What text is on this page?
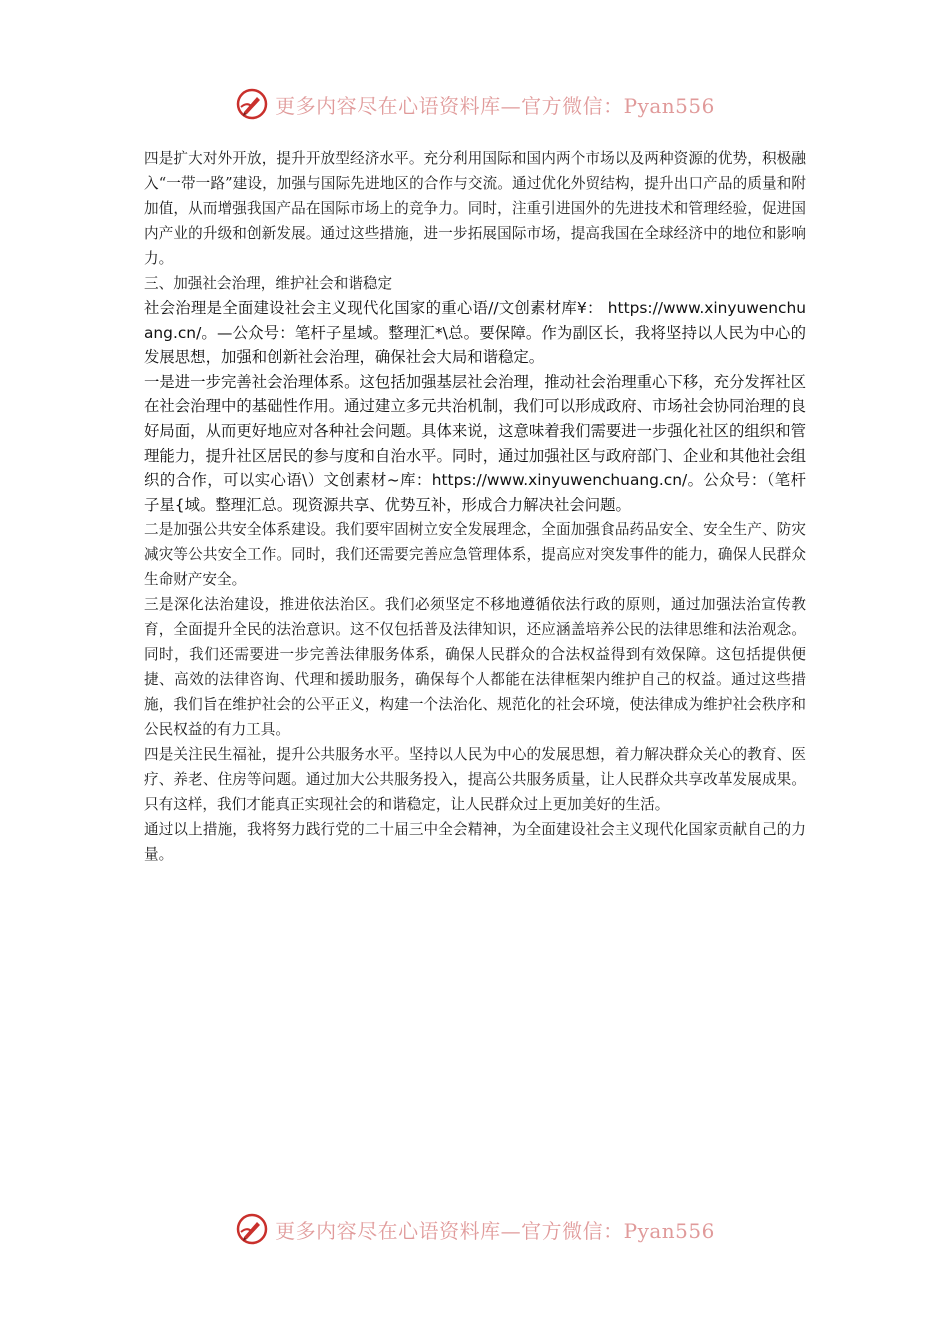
更多内容尽在心语资料库—官方微信：Pyan556

四是扩大对外开放，提升开放型经济水平。充分利用国际和国内两个市场以及两种资源的优势，积极融入“一带一路”建设，加强与国际先进地区的合作与交流。通过优化外贸结构，提升出口产品的质量和附加值，从而增强我国产品在国际市场上的竞争力。同时，注重引进国外的先进技术和管理经验，促进国内产业的升级和创新发展。通过这些措施，进一步拓展国际市场，提高我国在全球经济中的地位和影响力。

三、加强社会治理，维护社会和谐稳定

社会治理是全面建设社会主义现代化国家的重心语//文创素材库¥： https://www.xinyuwenchuang.cn/。—公众号：笔杆子星域。整理汇*\总。要保障。作为副区长，我将坚持以人民为中心的发展思想，加强和创新社会治理，确保社会大局和谐稳定。

一是进一步完善社会治理体系。这包括加强基层社会治理，推动社会治理重心下移，充分发挥社区在社会治理中的基础性作用。通过建立多元共治机制，我们可以形成政府、市场社会协同治理的良好局面，从而更好地应对各种社会问题。具体来说，这意味着我们需要进一步强化社区的组织和管理能力，提升社区居民的参与度和自治水平。同时，通过加强社区与政府部门、企业和其他社会组织的合作，可以实心语\）文创素材~库：https://www.xinyuwenchuang.cn/。公众号：（笔杆子星{域。整理汇总。现资源共享、优势互补，形成合力解决社会问题。

二是加强公共安全体系建设。我们要牢固树立安全发展理念，全面加强食品药品安全、安全生产、防灾减灾等公共安全工作。同时，我们还需要完善应急管理体系，提高应对突发事件的能力，确保人民群众生命财产安全。

三是深化法治建设，推进依法治区。我们必须坚定不移地遵循依法行政的原则，通过加强法治宣传教育，全面提升全民的法治意识。这不仅包括普及法律知识，还应涵盖培养公民的法律思维和法治观念。同时，我们还需要进一步完善法律服务体系，确保人民群众的合法权益得到有效保障。这包括提供便捷、高效的法律咨询、代理和援助服务，确保每个人都能在法律框架内维护自己的权益。通过这些措施，我们旨在维护社会的公平正义，构建一个法治化、规范化的社会环境，使法律成为维护社会秩序和公民权益的有力工具。

四是关注民生福祉，提升公共服务水平。坚持以人民为中心的发展思想，着力解决群众关心的教育、医疗、养老、住房等问题。通过加大公共服务投入，提高公共服务质量，让人民群众共享改革发展成果。只有这样，我们才能真正实现社会的和谐稳定，让人民群众过上更加美好的生活。

通过以上措施，我将努力践行党的二十届三中全会精神，为全面建设社会主义现代化国家贡献自己的力量。

更多内容尽在心语资料库—官方微信：Pyan556
